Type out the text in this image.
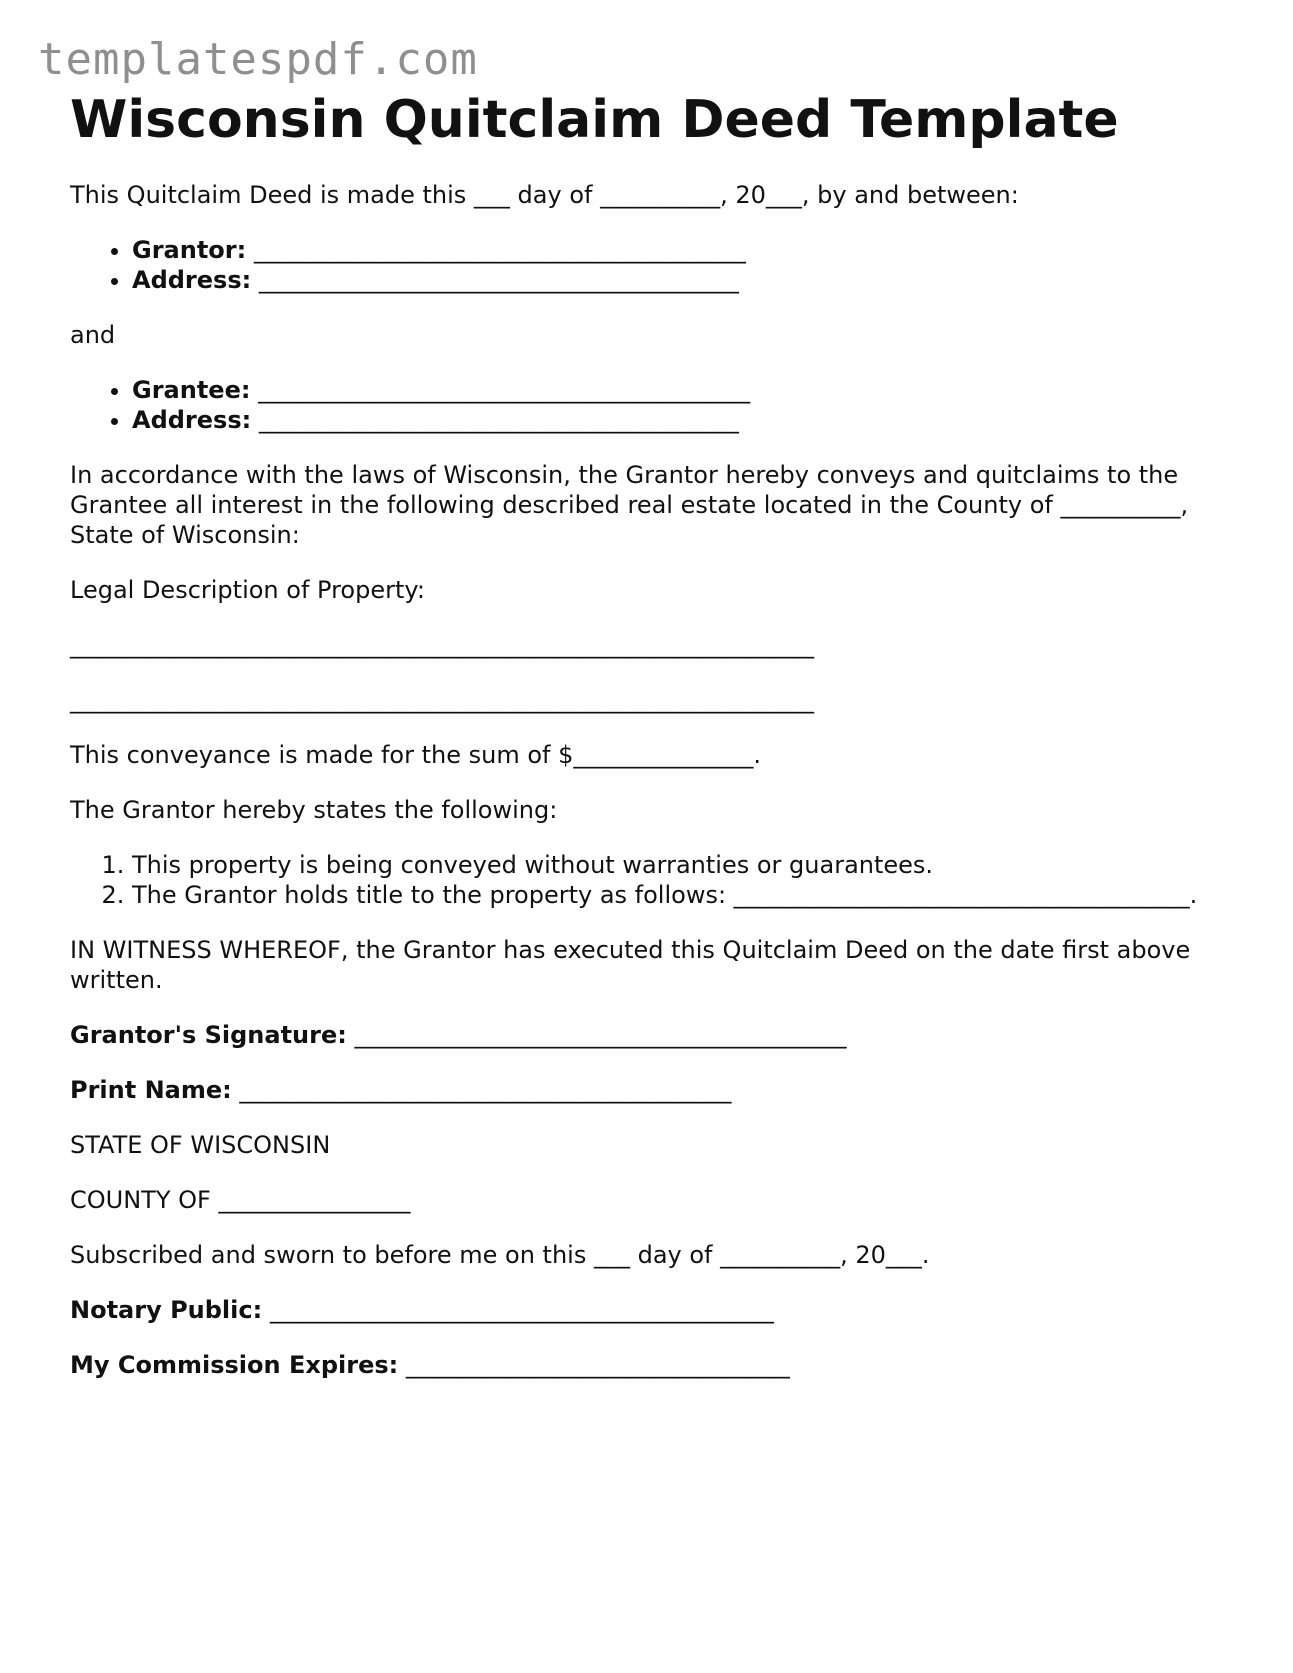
templatespdf.com
Wisconsin Quitclaim Deed Template

This Quitclaim Deed is made this ___ day of __________, 20___, by and between:

• Grantor: _________________________________________
• Address: ________________________________________

and

• Grantee: _________________________________________
• Address: ________________________________________

In accordance with the laws of Wisconsin, the Grantor hereby conveys and quitclaims to the Grantee all interest in the following described real estate located in the County of __________, State of Wisconsin:

Legal Description of Property:

______________________________________________________________
______________________________________________________________

This conveyance is made for the sum of $_______________.

The Grantor hereby states the following:

1. This property is being conveyed without warranties or guarantees.
2. The Grantor holds title to the property as follows: ______________________________________.

IN WITNESS WHEREOF, the Grantor has executed this Quitclaim Deed on the date first above written.

Grantor's Signature: _________________________________________

Print Name: _________________________________________

STATE OF WISCONSIN

COUNTY OF ________________

Subscribed and sworn to before me on this ___ day of __________, 20___.

Notary Public: __________________________________________

My Commission Expires: ________________________________
